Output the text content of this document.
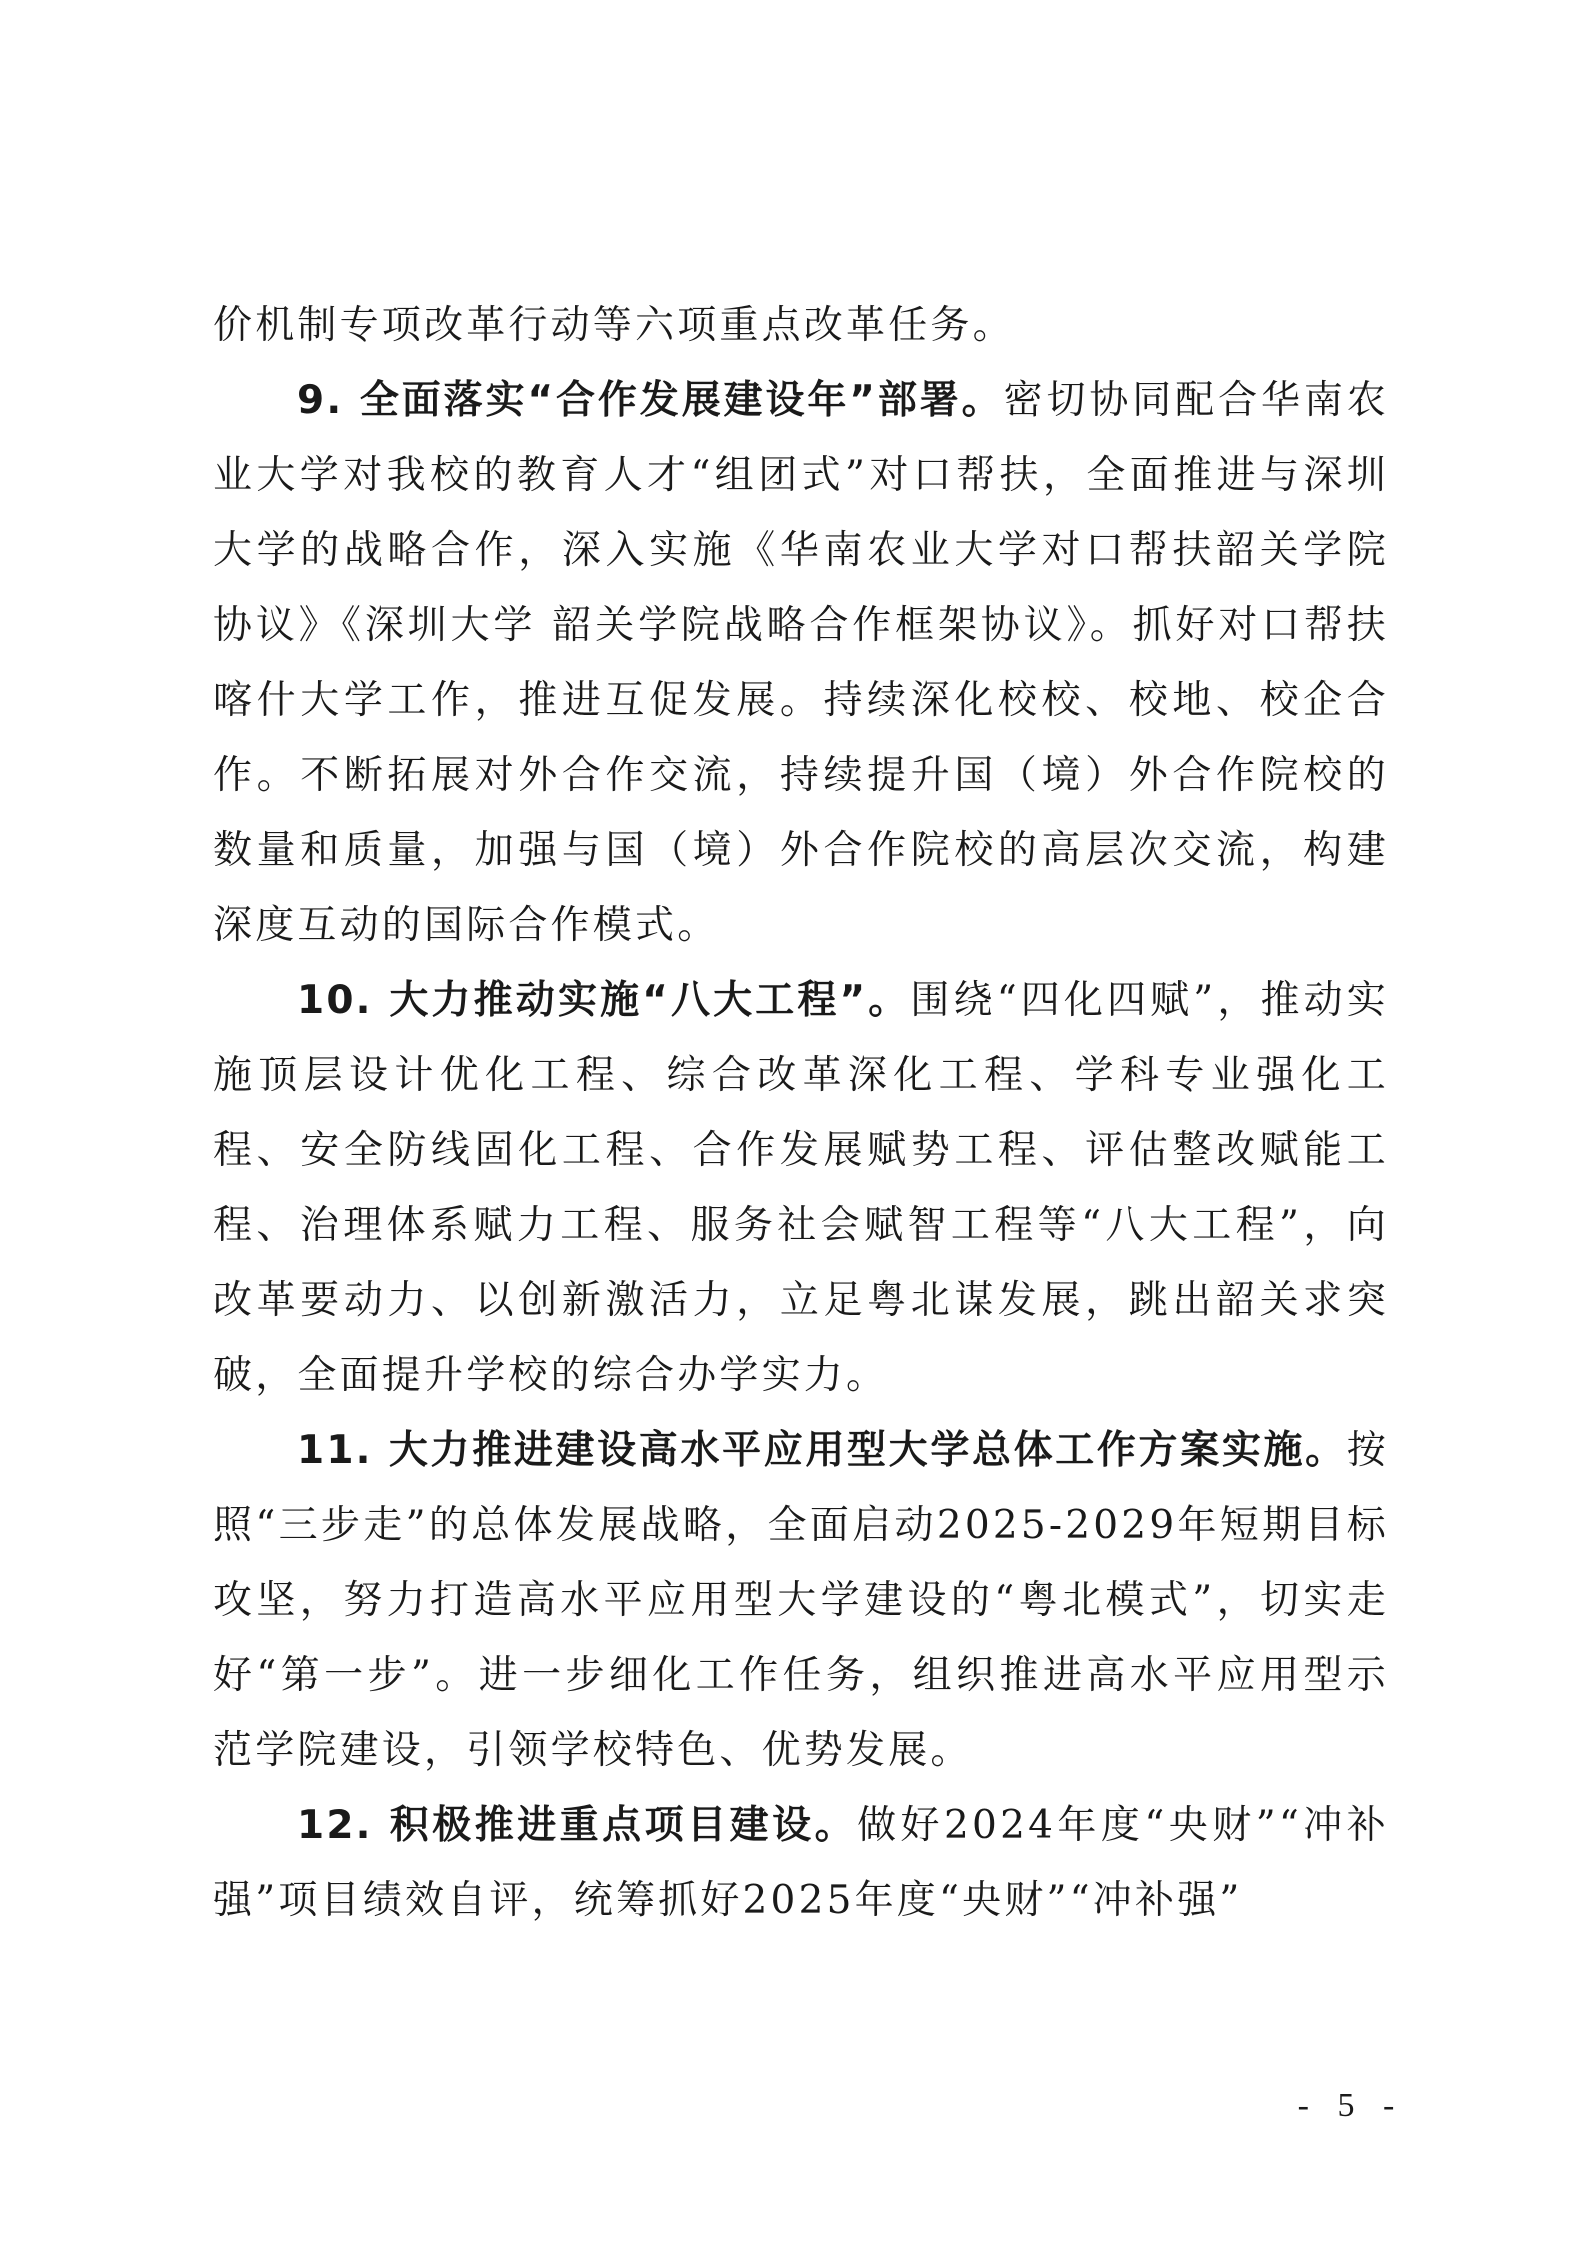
价机制专项改革行动等六项重点改革任务。

9. 全面落实“合作发展建设年”部署。密切协同配合华南农业大学对我校的教育人才“组团式”对口帮扶，全面推进与深圳大学的战略合作，深入实施《华南农业大学对口帮扶韶关学院协议》《深圳大学 韶关学院战略合作框架协议》。抓好对口帮扶喀什大学工作，推进互促发展。持续深化校校、校地、校企合作。不断拓展对外合作交流，持续提升国（境）外合作院校的数量和质量，加强与国（境）外合作院校的高层次交流，构建深度互动的国际合作模式。

10. 大力推动实施“八大工程”。围绕“四化四赋”，推动实施顶层设计优化工程、综合改革深化工程、学科专业强化工程、安全防线固化工程、合作发展赋势工程、评估整改赋能工程、治理体系赋力工程、服务社会赋智工程等“八大工程”，向改革要动力、以创新激活力，立足粤北谋发展，跳出韶关求突破，全面提升学校的综合办学实力。

11. 大力推进建设高水平应用型大学总体工作方案实施。按照“三步走”的总体发展战略，全面启动2025-2029年短期目标攻坚，努力打造高水平应用型大学建设的“粤北模式”，切实走好“第一步”。进一步细化工作任务，组织推进高水平应用型示范学院建设，引领学校特色、优势发展。

12. 积极推进重点项目建设。做好2024年度“央财”“冲补强”项目绩效自评，统筹抓好2025年度“央财”“冲补强”

- 5 -
